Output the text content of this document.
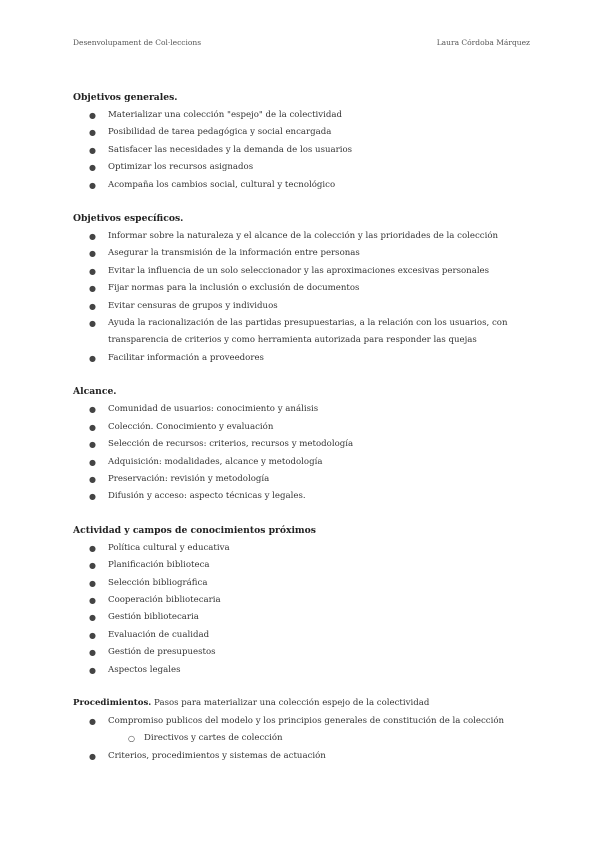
Desenvolupament de Col·leccions	Laura Córdoba Márquez
Objetivos generales.
● Materializar una colección "espejo" de la colectividad
● Posibilidad de tarea pedagógica y social encargada
● Satisfacer las necesidades y la demanda de los usuarios
● Optimizar los recursos asignados
● Acompaña los cambios social, cultural y tecnológico
Objetivos específicos.
● Informar sobre la naturaleza y el alcance de la colección y las prioridades de la colección
● Asegurar la transmisión de la información entre personas
● Evitar la influencia de un solo seleccionador y las aproximaciones excesivas personales
● Fijar normas para la inclusión o exclusión de documentos
● Evitar censuras de grupos y individuos
● Ayuda la racionalización de las partidas presupuestarias, a la relación con los usuarios, con transparencia de criterios y como herramienta autorizada para responder las quejas
● Facilitar información a proveedores
Alcance.
● Comunidad de usuarios: conocimiento y análisis
● Colección. Conocimiento y evaluación
● Selección de recursos: criterios, recursos y metodología
● Adquisición: modalidades, alcance y metodología
● Preservación: revisión y metodología
● Difusión y acceso: aspecto técnicas y legales.
Actividad y campos de conocimientos próximos
● Política cultural y educativa
● Planificación biblioteca
● Selección bibliográfica
● Cooperación bibliotecaria
● Gestión bibliotecaria
● Evaluación de cualidad
● Gestión de presupuestos
● Aspectos legales
Procedimientos. Pasos para materializar una colección espejo de la colectividad
● Compromiso publicos del modelo y los principios generales de constitución de la colección
○ Directivos y cartes de colección
● Criterios, procedimientos y sistemas de actuación
